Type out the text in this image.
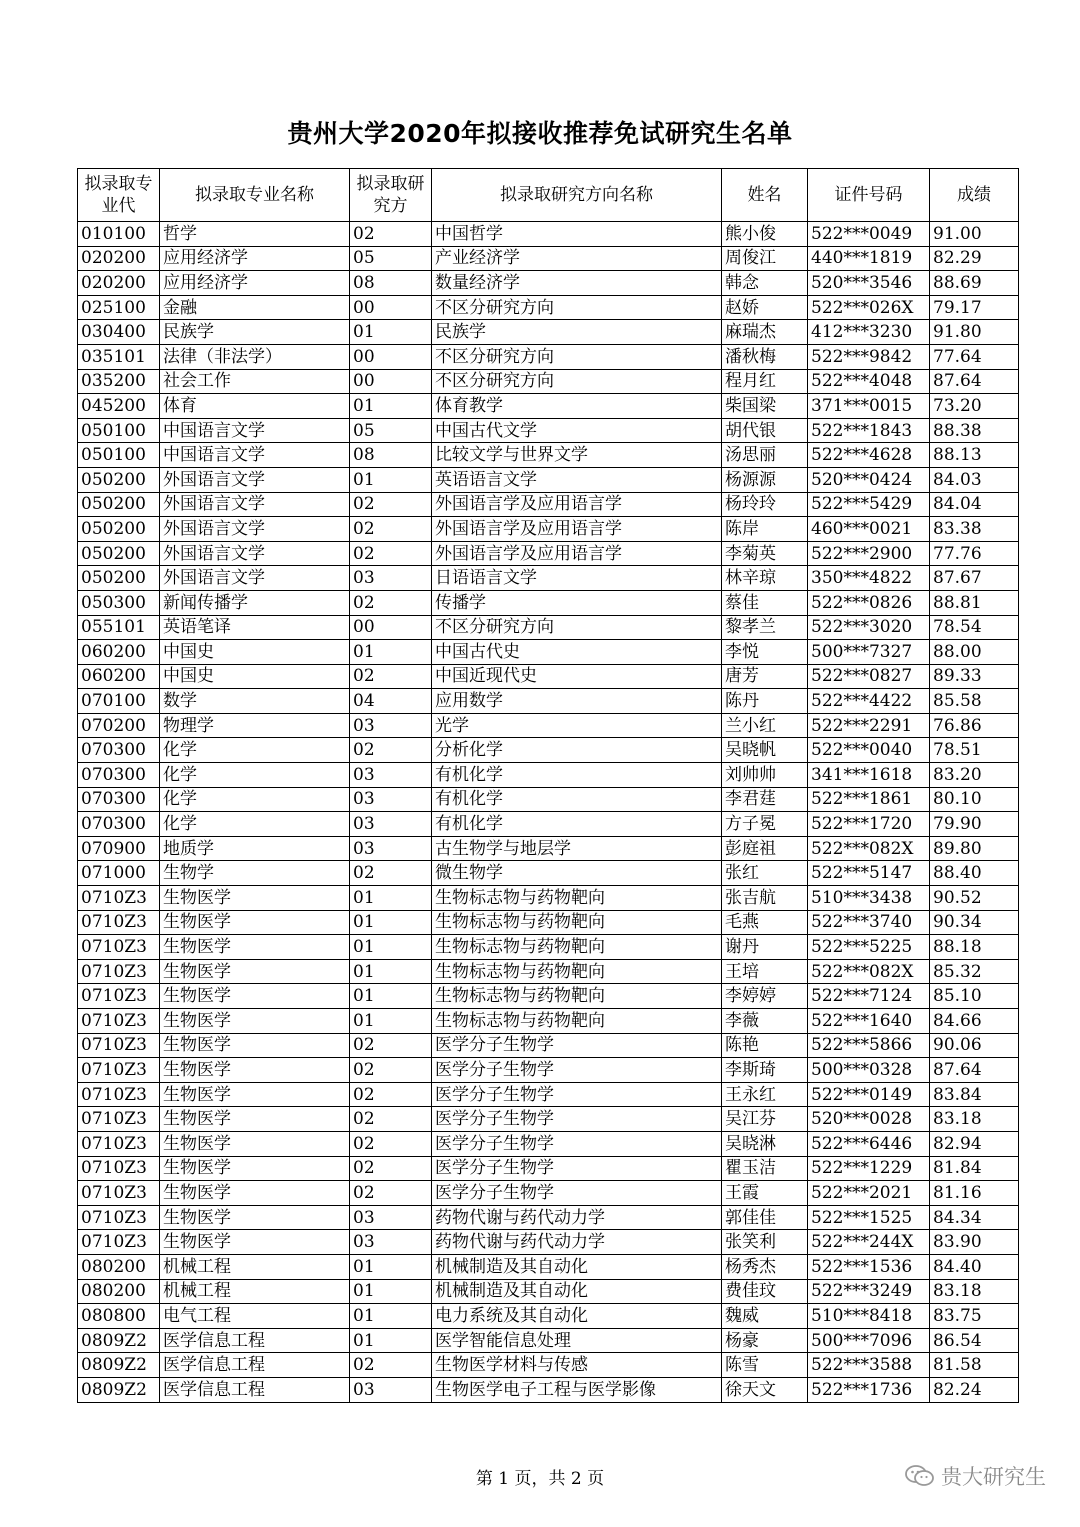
贵州大学2020年拟接收推荐免试研究生名单
拟录取专业代	拟录取专业名称	拟录取研究方	拟录取研究方向名称	姓名	证件号码	成绩
010100	哲学	02	中国哲学	熊小俊	522***0049	91.00
020200	应用经济学	05	产业经济学	周俊江	440***1819	82.29
020200	应用经济学	08	数量经济学	韩念	520***3546	88.69
025100	金融	00	不区分研究方向	赵娇	522***026X	79.17
030400	民族学	01	民族学	麻瑞杰	412***3230	91.80
035101	法律（非法学）	00	不区分研究方向	潘秋梅	522***9842	77.64
035200	社会工作	00	不区分研究方向	程月红	522***4048	87.64
045200	体育	01	体育教学	柴国梁	371***0015	73.20
050100	中国语言文学	05	中国古代文学	胡代银	522***1843	88.38
050100	中国语言文学	08	比较文学与世界文学	汤思丽	522***4628	88.13
050200	外国语言文学	01	英语语言文学	杨源源	520***0424	84.03
050200	外国语言文学	02	外国语言学及应用语言学	杨玲玲	522***5429	84.04
050200	外国语言文学	02	外国语言学及应用语言学	陈岸	460***0021	83.38
050200	外国语言文学	02	外国语言学及应用语言学	李菊英	522***2900	77.76
050200	外国语言文学	03	日语语言文学	林辛琼	350***4822	87.67
050300	新闻传播学	02	传播学	蔡佳	522***0826	88.81
055101	英语笔译	00	不区分研究方向	黎孝兰	522***3020	78.54
060200	中国史	01	中国古代史	李悦	500***7327	88.00
060200	中国史	02	中国近现代史	唐芳	522***0827	89.33
070100	数学	04	应用数学	陈丹	522***4422	85.58
070200	物理学	03	光学	兰小红	522***2291	76.86
070300	化学	02	分析化学	吴晓帆	522***0040	78.51
070300	化学	03	有机化学	刘帅帅	341***1618	83.20
070300	化学	03	有机化学	李君莛	522***1861	80.10
070300	化学	03	有机化学	方子冕	522***1720	79.90
070900	地质学	03	古生物学与地层学	彭庭祖	522***082X	89.80
071000	生物学	02	微生物学	张红	522***5147	88.40
0710Z3	生物医学	01	生物标志物与药物靶向	张吉航	510***3438	90.52
0710Z3	生物医学	01	生物标志物与药物靶向	毛燕	522***3740	90.34
0710Z3	生物医学	01	生物标志物与药物靶向	谢丹	522***5225	88.18
0710Z3	生物医学	01	生物标志物与药物靶向	王培	522***082X	85.32
0710Z3	生物医学	01	生物标志物与药物靶向	李婷婷	522***7124	85.10
0710Z3	生物医学	01	生物标志物与药物靶向	李薇	522***1640	84.66
0710Z3	生物医学	02	医学分子生物学	陈艳	522***5866	90.06
0710Z3	生物医学	02	医学分子生物学	李斯琦	500***0328	87.64
0710Z3	生物医学	02	医学分子生物学	王永红	522***0149	83.84
0710Z3	生物医学	02	医学分子生物学	吴江芬	520***0028	83.18
0710Z3	生物医学	02	医学分子生物学	吴晓淋	522***6446	82.94
0710Z3	生物医学	02	医学分子生物学	瞿玉洁	522***1229	81.84
0710Z3	生物医学	02	医学分子生物学	王霞	522***2021	81.16
0710Z3	生物医学	03	药物代谢与药代动力学	郭佳佳	522***1525	84.34
0710Z3	生物医学	03	药物代谢与药代动力学	张笑利	522***244X	83.90
080200	机械工程	01	机械制造及其自动化	杨秀杰	522***1536	84.40
080200	机械工程	01	机械制造及其自动化	费佳玟	522***3249	83.18
080800	电气工程	01	电力系统及其自动化	魏威	510***8418	83.75
0809Z2	医学信息工程	01	医学智能信息处理	杨豪	500***7096	86.54
0809Z2	医学信息工程	02	生物医学材料与传感	陈雪	522***3588	81.58
0809Z2	医学信息工程	03	生物医学电子工程与医学影像	徐天文	522***1736	82.24
第 1 页，共 2 页	贵大研究生
